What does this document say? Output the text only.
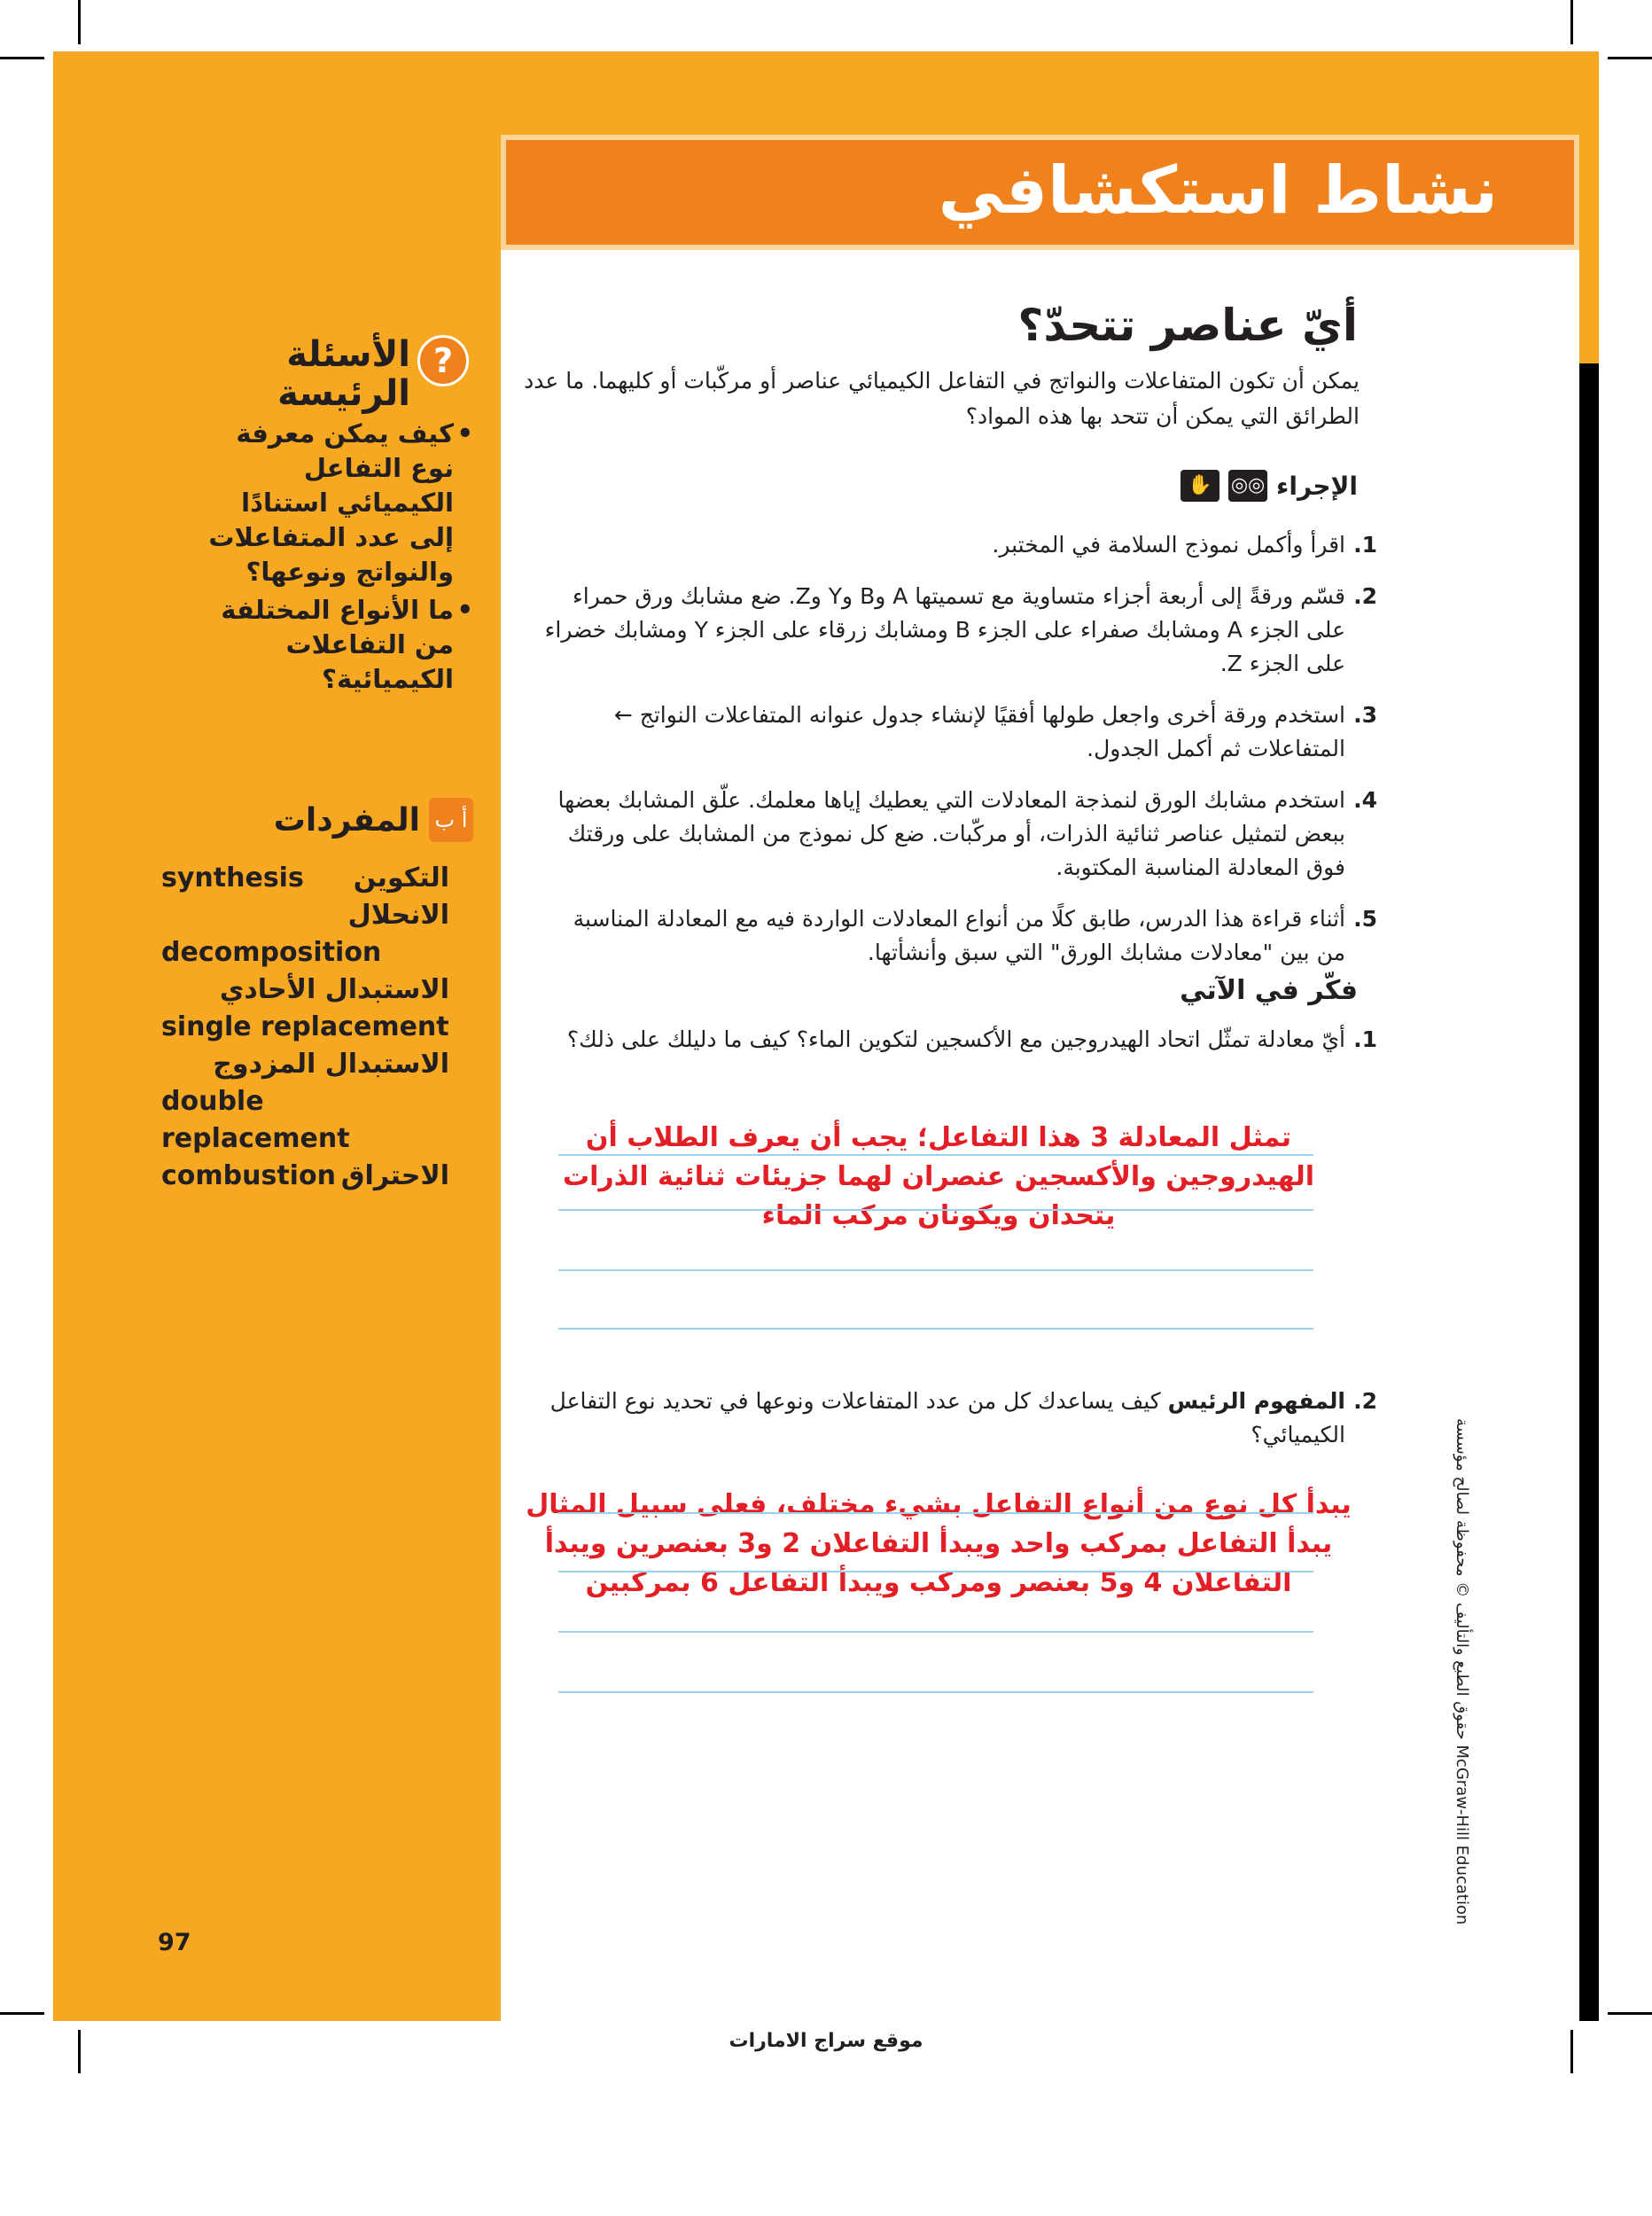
نشاط استكشافي
أيّ عناصر تتحدّ؟
يمكن أن تكون المتفاعلات والنواتج في التفاعل الكيميائي عناصر أو مركّبات أو كليهما. ما عدد الطرائق التي يمكن أن تتحد بها هذه المواد؟
الإجراء
◎◎
✋
1.
اقرأ وأكمل نموذج السلامة في المختبر.
2.
قسّم ورقةً إلى أربعة أجزاء متساوية مع تسميتها A وB وY وZ. ضع مشابك ورق حمراء على الجزء A ومشابك صفراء على الجزء B ومشابك زرقاء على الجزء Y ومشابك خضراء على الجزء Z.
3.
استخدم ورقة أخرى واجعل طولها أفقيًا لإنشاء جدول عنوانه المتفاعلات النواتج ← المتفاعلات ثم أكمل الجدول.
4.
استخدم مشابك الورق لنمذجة المعادلات التي يعطيك إياها معلمك. علّق المشابك بعضها ببعض لتمثيل عناصر ثنائية الذرات، أو مركّبات. ضع كل نموذج من المشابك على ورقتك فوق المعادلة المناسبة المكتوبة.
5.
أثناء قراءة هذا الدرس، طابق كلًا من أنواع المعادلات الواردة فيه مع المعادلة المناسبة من بين "معادلات مشابك الورق" التي سبق وأنشأتها.
فكّر في الآتي
1.
أيّ معادلة تمثّل اتحاد الهيدروجين مع الأكسجين لتكوين الماء؟ كيف ما دليلك على ذلك؟
تمثل المعادلة 3 هذا التفاعل؛ يجب أن يعرف الطلاب أن الهيدروجين والأكسجين عنصران لهما جزيئات ثنائية الذرات يتحدان ويكونان مركب الماء
2.
المفهوم الرئيس كيف يساعدك كل من عدد المتفاعلات ونوعها في تحديد نوع التفاعل الكيميائي؟
يبدأ كل نوع من أنواع التفاعل بشيء مختلف، فعلى سبيل المثال يبدأ التفاعل بمركب واحد ويبدأ التفاعلان 2 و3 بعنصرين ويبدأ التفاعلان 4 و5 بعنصر ومركب ويبدأ التفاعل 6 بمركبين
?
الأسئلة الرئيسة
•
كيف يمكن معرفة نوع التفاعل الكيميائي استنادًا إلى عدد المتفاعلات والنواتج ونوعها؟
•
ما الأنواع المختلفة من التفاعلات الكيميائية؟
أ ب
المفردات
synthesis التكوين
الانحلال
decomposition
الاستبدال الأحادي
single replacement
الاستبدال المزدوج
double replacement
combustion الاحتراق
97
حقوق الطبع والتأليف © محفوظة لصالح مؤسسة McGraw-Hill Education
موقع سراج الامارات
